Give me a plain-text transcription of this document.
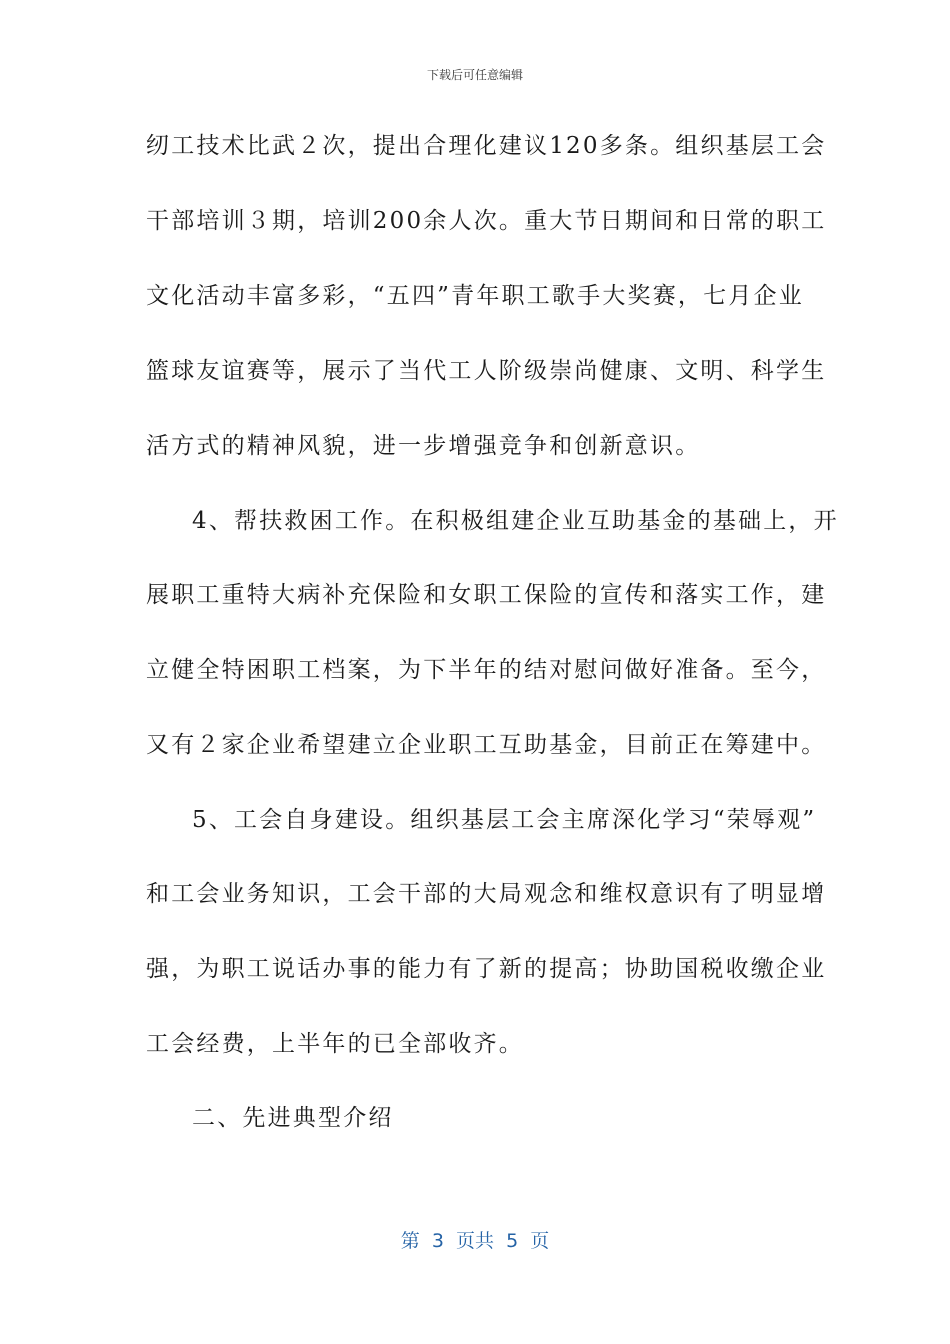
下载后可任意编辑
纫工技术比武２次，提出合理化建议120多条。组织基层工会
干部培训３期，培训200余人次。重大节日期间和日常的职工
文化活动丰富多彩，“五四”青年职工歌手大奖赛，七月企业
篮球友谊赛等，展示了当代工人阶级崇尚健康、文明、科学生
活方式的精神风貌，进一步增强竞争和创新意识。
4、帮扶救困工作。在积极组建企业互助基金的基础上，开
展职工重特大病补充保险和女职工保险的宣传和落实工作，建
立健全特困职工档案，为下半年的结对慰问做好准备。至今，
又有２家企业希望建立企业职工互助基金，目前正在筹建中。
5、工会自身建设。组织基层工会主席深化学习“荣辱观”
和工会业务知识，工会干部的大局观念和维权意识有了明显增
强，为职工说话办事的能力有了新的提高；协助国税收缴企业
工会经费，上半年的已全部收齐。
二、先进典型介绍
第  3  页共  5  页
